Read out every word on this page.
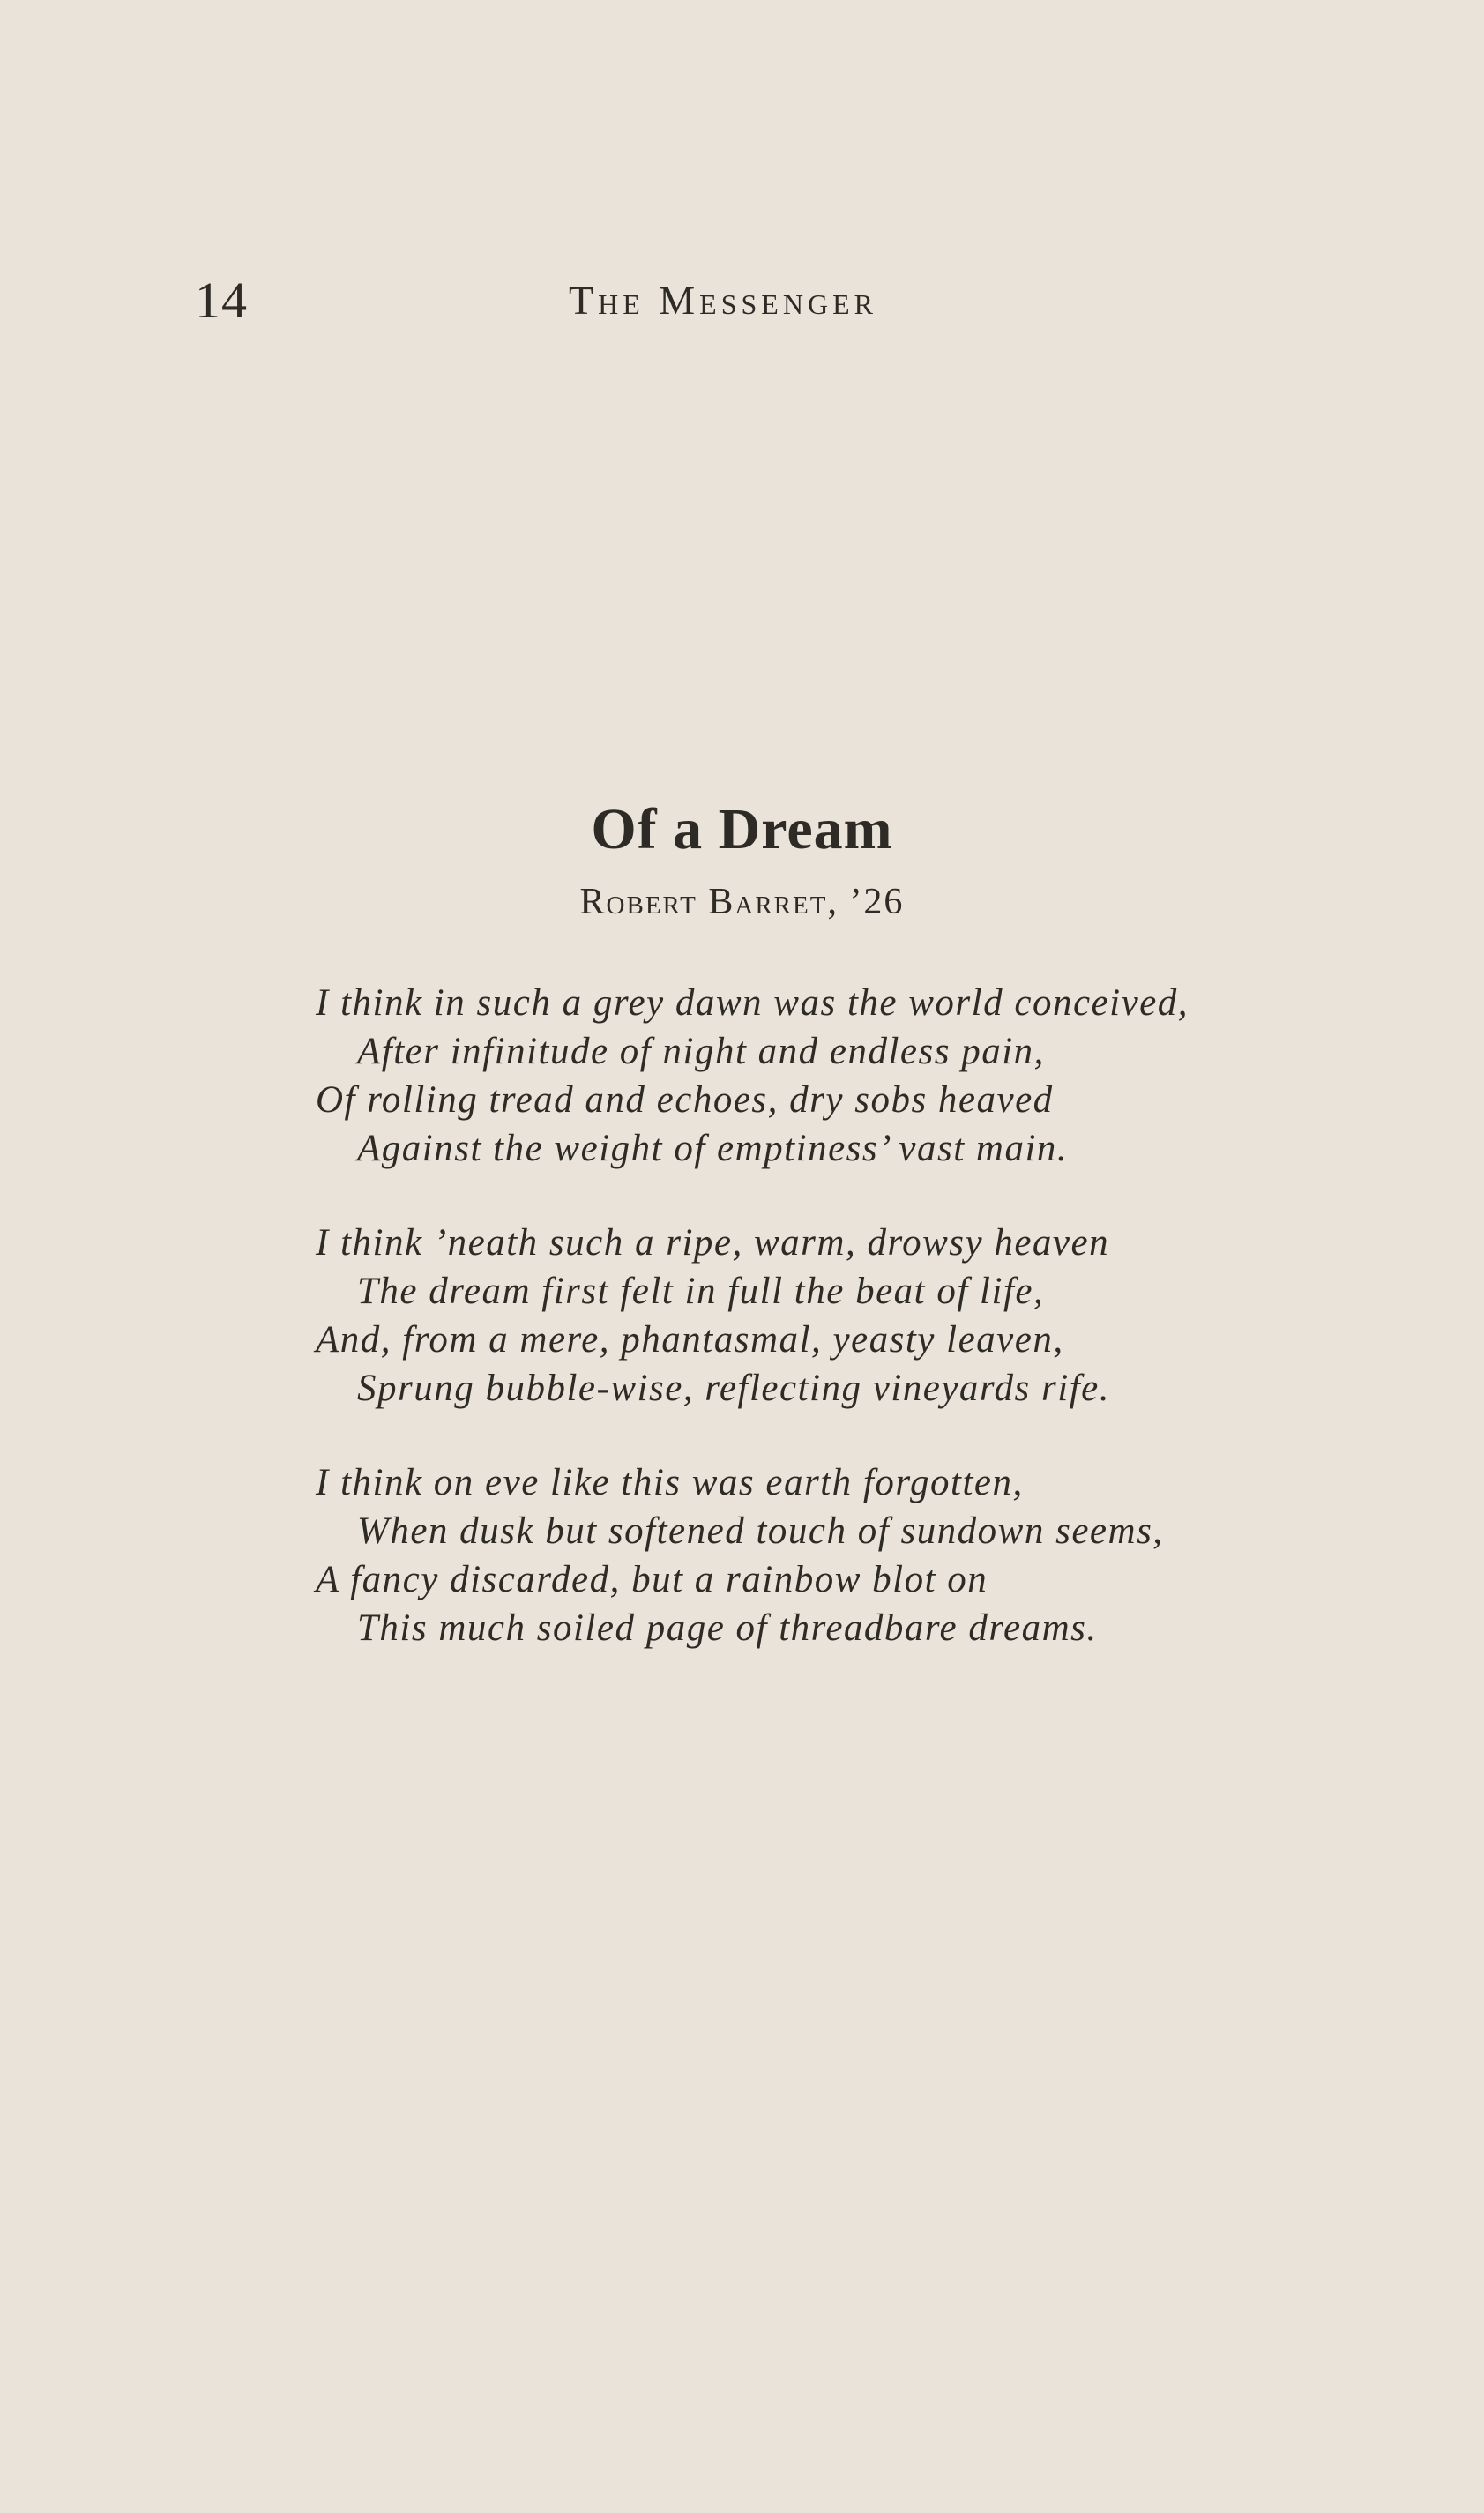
14	The Messenger
Of a Dream
Robert Barret, ’26
I think in such a grey dawn was the world conceived,
After infinitude of night and endless pain,
Of rolling tread and echoes, dry sobs heaved
Against the weight of emptiness’ vast main.
I think ’neath such a ripe, warm, drowsy heaven
The dream first felt in full the beat of life,
And, from a mere, phantasmal, yeasty leaven,
Sprung bubble-wise, reflecting vineyards rife.
I think on eve like this was earth forgotten,
When dusk but softened touch of sundown seems,
A fancy discarded, but a rainbow blot on
This much soiled page of threadbare dreams.
